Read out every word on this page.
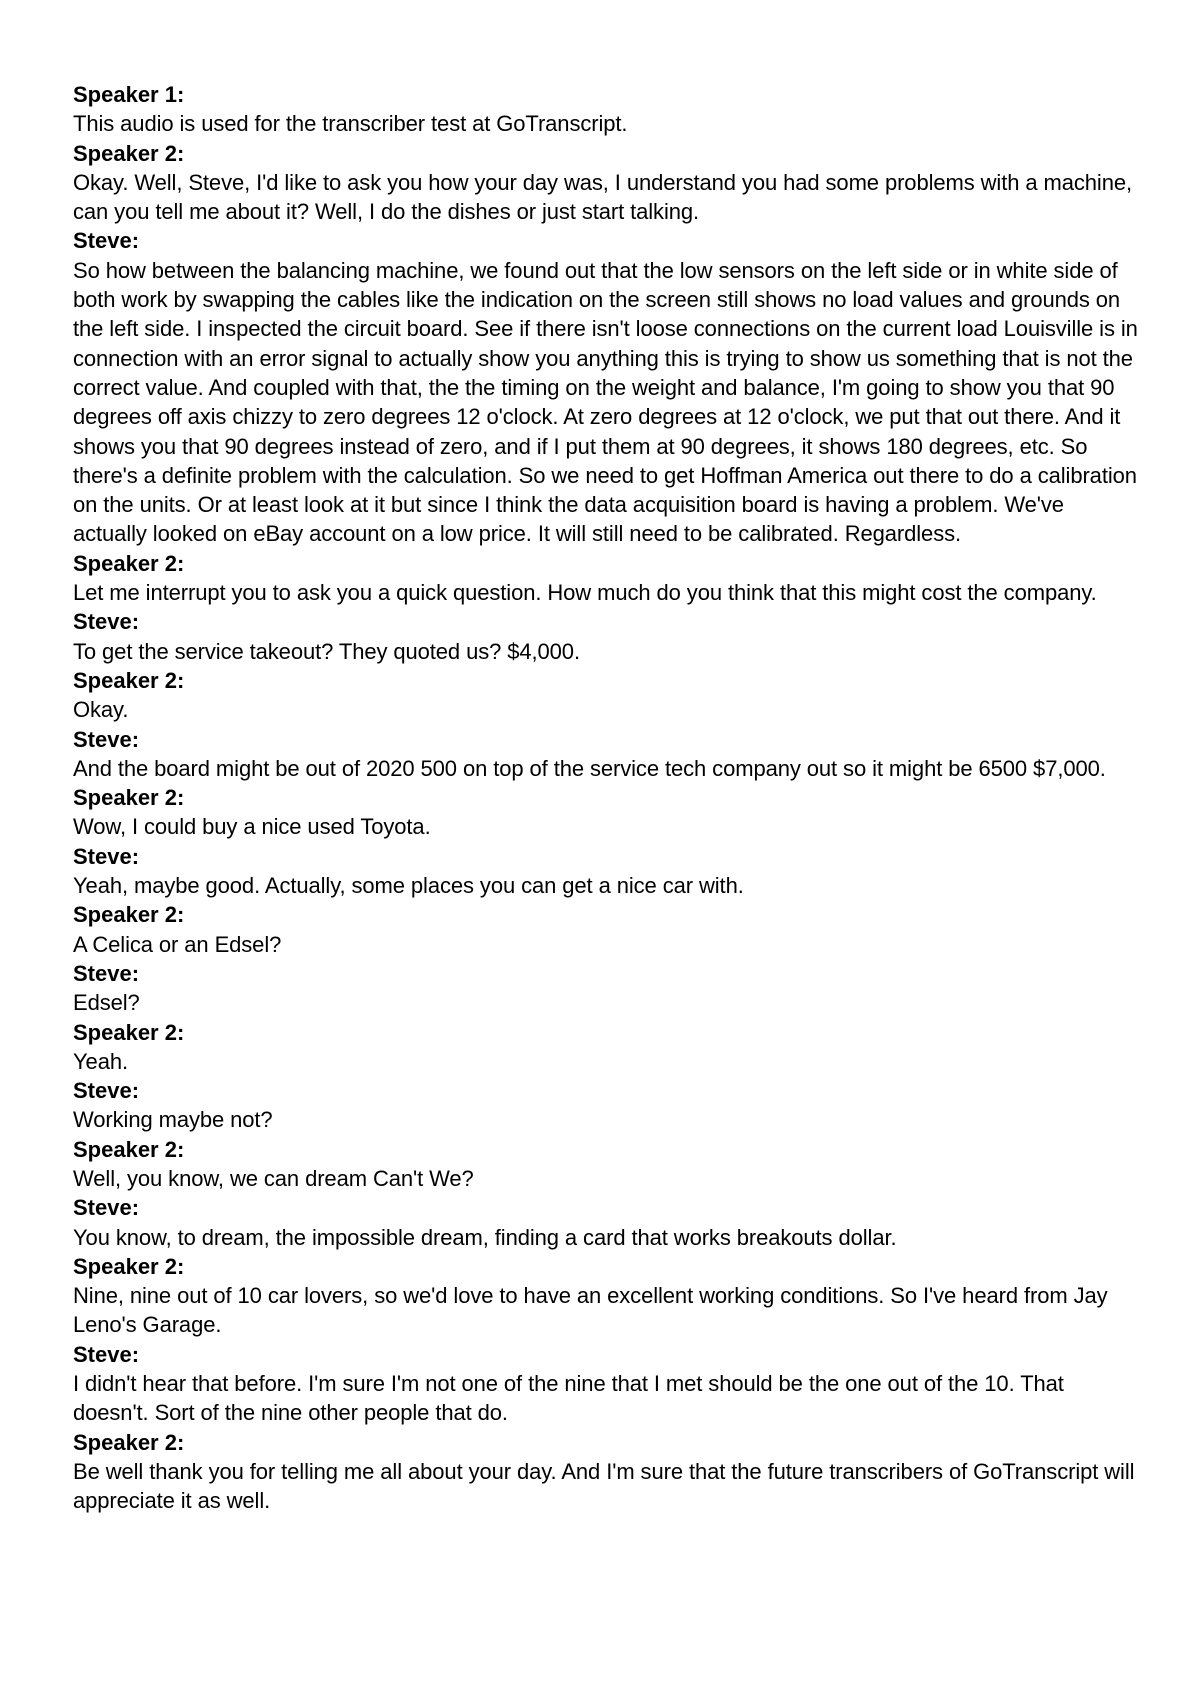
Speaker 1:

This audio is used for the transcriber test at GoTranscript.

Speaker 2:

Okay. Well, Steve, I'd like to ask you how your day was, I understand you had some problems with a machine, can you tell me about it? Well, I do the dishes or just start talking.

Steve:

So how between the balancing machine, we found out that the low sensors on the left side or in white side of both work by swapping the cables like the indication on the screen still shows no load values and grounds on the left side. I inspected the circuit board. See if there isn't loose connections on the current load Louisville is in connection with an error signal to actually show you anything this is trying to show us something that is not the correct value. And coupled with that, the the timing on the weight and balance, I'm going to show you that 90 degrees off axis chizzy to zero degrees 12 o'clock. At zero degrees at 12 o'clock, we put that out there. And it shows you that 90 degrees instead of zero, and if I put them at 90 degrees, it shows 180 degrees, etc. So there's a definite problem with the calculation. So we need to get Hoffman America out there to do a calibration on the units. Or at least look at it but since I think the data acquisition board is having a problem. We've actually looked on eBay account on a low price. It will still need to be calibrated. Regardless.

Speaker 2:

Let me interrupt you to ask you a quick question. How much do you think that this might cost the company.

Steve:

To get the service takeout? They quoted us? $4,000.

Speaker 2:

Okay.

Steve:

And the board might be out of 2020 500 on top of the service tech company out so it might be 6500 $7,000.

Speaker 2:

Wow, I could buy a nice used Toyota.

Steve:

Yeah, maybe good. Actually, some places you can get a nice car with.

Speaker 2:

A Celica or an Edsel?

Steve:

Edsel?

Speaker 2:

Yeah.

Steve:

Working maybe not?

Speaker 2:

Well, you know, we can dream Can't We?

Steve:

You know, to dream, the impossible dream, finding a card that works breakouts dollar.

Speaker 2:

Nine, nine out of 10 car lovers, so we'd love to have an excellent working conditions. So I've heard from Jay Leno's Garage.

Steve:

I didn't hear that before. I'm sure I'm not one of the nine that I met should be the one out of the 10. That doesn't. Sort of the nine other people that do.

Speaker 2:

Be well thank you for telling me all about your day. And I'm sure that the future transcribers of GoTranscript will appreciate it as well.
